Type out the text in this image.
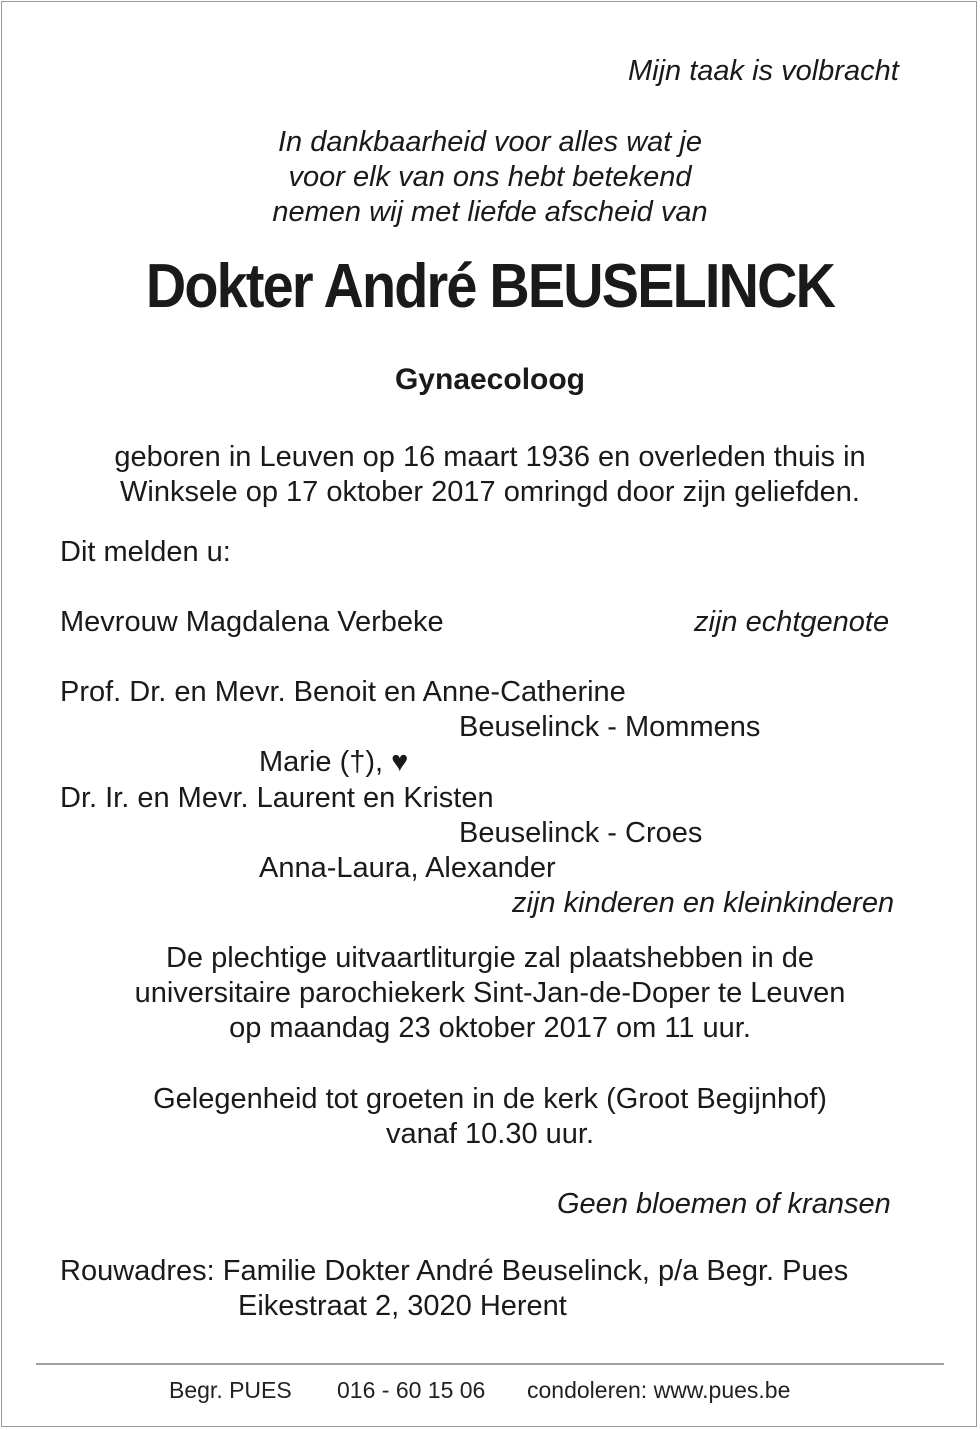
Mijn taak is volbracht
In dankbaarheid voor alles wat je
voor elk van ons hebt betekend
nemen wij met liefde afscheid van
Dokter André BEUSELINCK
Gynaecoloog
geboren in Leuven op 16 maart 1936 en overleden thuis in
Winksele op 17 oktober 2017 omringd door zijn geliefden.
Dit melden u:
Mevrouw Magdalena Verbeke	zijn echtgenote
Prof. Dr. en Mevr. Benoit en Anne-Catherine
Beuselinck - Mommens
Marie (†), ♥
Dr. Ir. en Mevr. Laurent en Kristen
Beuselinck - Croes
Anna-Laura, Alexander
zijn kinderen en kleinkinderen
De plechtige uitvaartliturgie zal plaatshebben in de
universitaire parochiekerk Sint-Jan-de-Doper te Leuven
op maandag 23 oktober 2017 om 11 uur.
Gelegenheid tot groeten in de kerk (Groot Begijnhof)
vanaf 10.30 uur.
Geen bloemen of kransen
Rouwadres: Familie Dokter André Beuselinck, p/a Begr. Pues
Eikestraat 2, 3020 Herent
Begr. PUES 016 - 60 15 06 condoleren: www.pues.be
